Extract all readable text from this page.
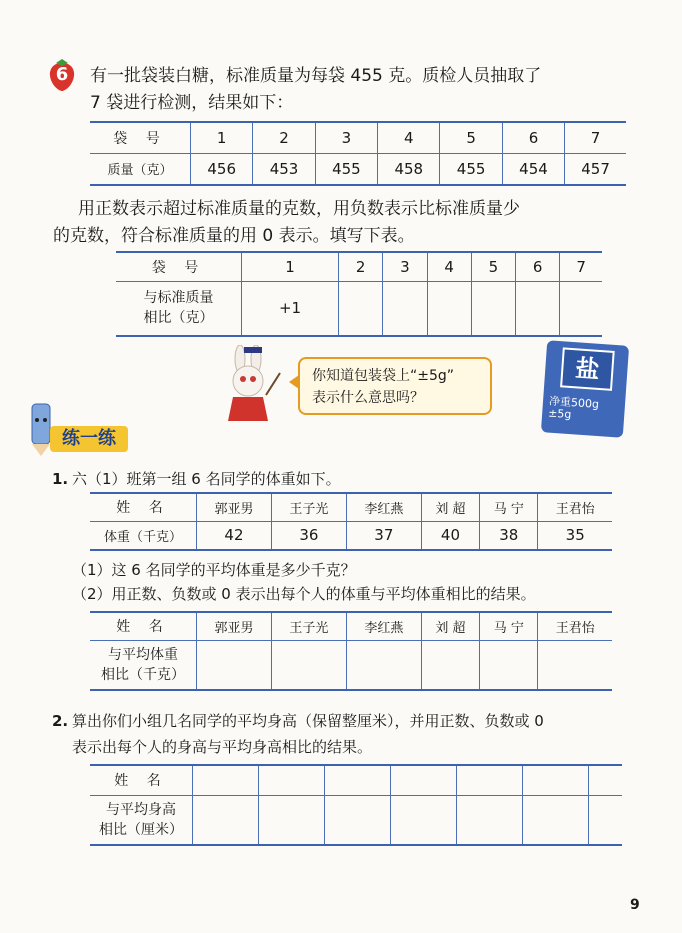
6	有一批袋装白糖，标准质量为每袋 455 克。质检人员抽取了
7 袋进行检测，结果如下：
袋 号	1	2	3	4	5	6	7
质量（克）	456	453	455	458	455	454	457
用正数表示超过标准质量的克数，用负数表示比标准质量少
的克数，符合标准质量的用 0 表示。填写下表。
袋 号	1	2	3	4	5	6	7

与标准质量
相比（克）	+1						
你知道包装袋上“±5g”
表示什么意思吗？
盐
净重500g
±5g
练一练
1. 六（1）班第一组 6 名同学的体重如下。
姓 名	郭亚男	王子光	李红燕	刘 超	马 宁	王君怡
体重（千克）	42	36	37	40	38	35
（1）这 6 名同学的平均体重是多少千克？
（2）用正数、负数或 0 表示出每个人的体重与平均体重相比的结果。
姓 名	郭亚男	王子光	李红燕	刘 超	马 宁	王君怡

与平均体重
相比（千克）						

2. 算出你们小组几名同学的平均身高（保留整厘米），并用正数、负数或 0
表示出每个人的身高与平均身高相比的结果。
姓 名							

与平均身高
相比（厘米）							

9
